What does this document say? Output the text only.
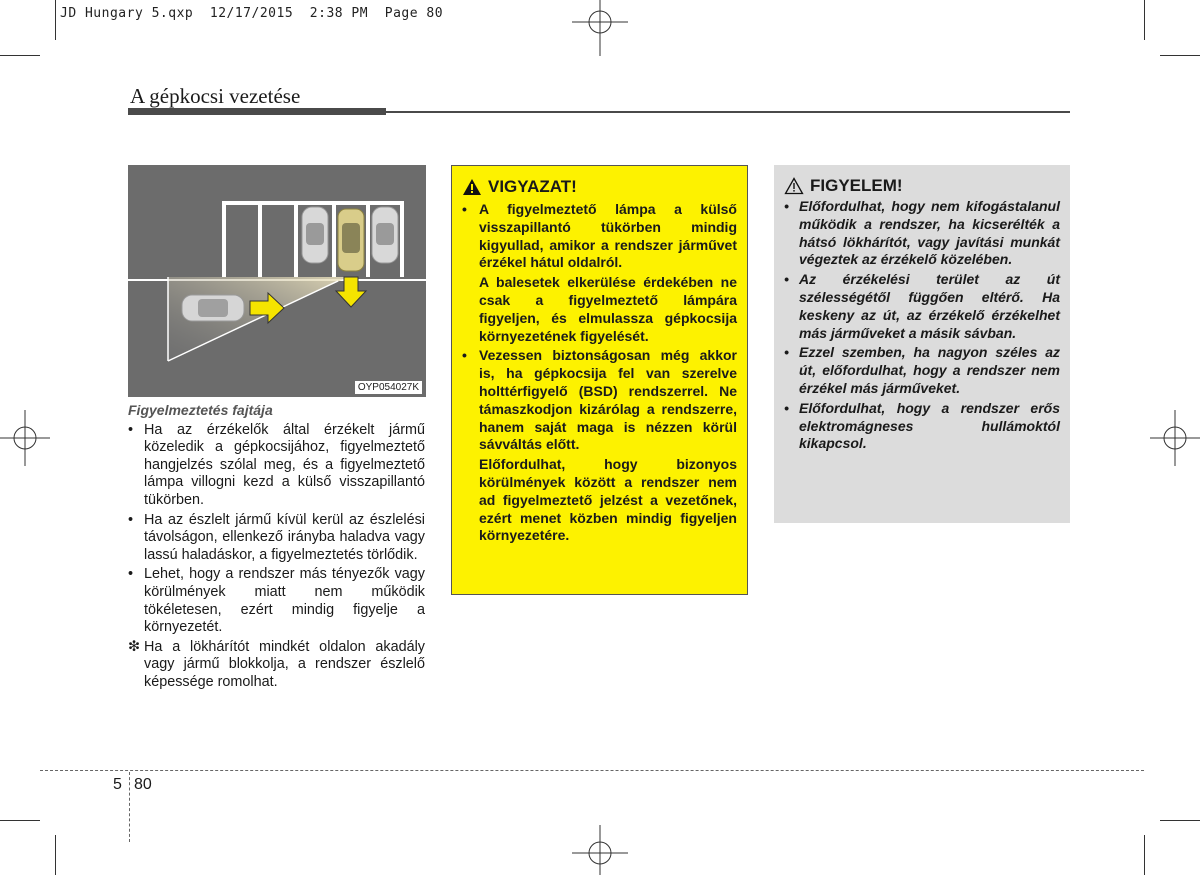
JD Hungary 5.qxp  12/17/2015  2:38 PM  Page 80
A gépkocsi vezetése
OYP054027K
Figyelmeztetés fajtája
• Ha az érzékelők által érzékelt jármű közeledik a gépkocsijához, figyelmeztető hangjelzés szólal meg, és a figyelmeztető lámpa villogni kezd a külső visszapillantó tükörben.
• Ha az észlelt jármű kívül kerül az észlelési távolságon, ellenkező irányba haladva vagy lassú haladáskor, a figyelmeztetés törlődik.
• Lehet, hogy a rendszer más tényezők vagy körülmények miatt nem működik tökéletesen, ezért mindig figyelje a környezetét.
❇ Ha a lökhárítót mindkét oldalon akadály vagy jármű blokkolja, a rendszer észlelő képessége romolhat.
VIGYAZAT!
• A figyelmeztető lámpa a külső visszapillantó tükörben mindig kigyullad, amikor a rendszer járművet érzékel hátul oldalról.
A balesetek elkerülése érdekében ne csak a figyelmeztető lámpára figyeljen, és elmulassza gépkocsija környezetének figyelését.
• Vezessen biztonságosan még akkor is, ha gépkocsija fel van szerelve holttérfigyelő (BSD) rendszerrel. Ne támaszkodjon kizárólag a rendszerre, hanem saját maga is nézzen körül sávváltás előtt.
Előfordulhat, hogy bizonyos körülmények között a rendszer nem ad figyelmeztető jelzést a vezetőnek, ezért menet közben mindig figyeljen környezetére.
FIGYELEM!
• Előfordulhat, hogy nem kifogástalanul működik a rendszer, ha kicserélték a hátsó lökhárítót, vagy javítási munkát végeztek az érzékelő közelében.
• Az érzékelési terület az út szélességétől függően eltérő. Ha keskeny az út, az érzékelő érzékelhet más járműveket a másik sávban.
• Ezzel szemben, ha nagyon széles az út, előfordulhat, hogy a rendszer nem érzékel más járműveket.
• Előfordulhat, hogy a rendszer erős elektromágneses hullámoktól kikapcsol.
5 80
